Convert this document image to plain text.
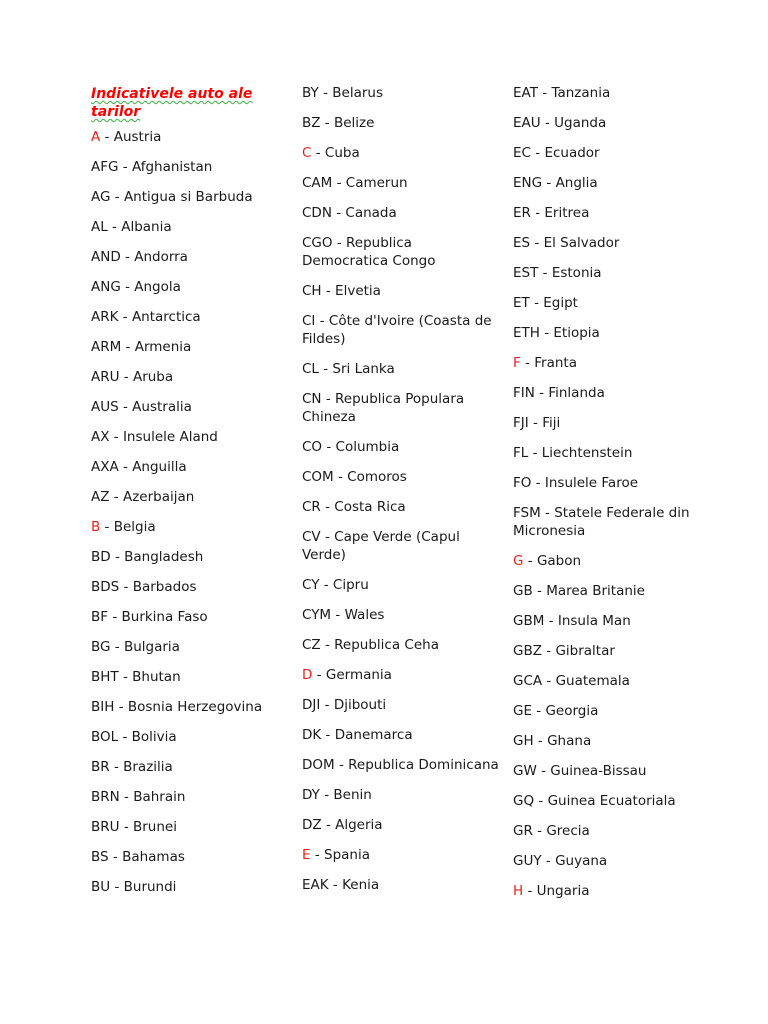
Indicativele auto ale tarilor
A - Austria
AFG - Afghanistan
AG - Antigua si Barbuda
AL - Albania
AND - Andorra
ANG - Angola
ARK - Antarctica
ARM - Armenia
ARU - Aruba
AUS - Australia
AX - Insulele Aland
AXA - Anguilla
AZ - Azerbaijan
B - Belgia
BD - Bangladesh
BDS - Barbados
BF - Burkina Faso
BG - Bulgaria
BHT - Bhutan
BIH - Bosnia Herzegovina
BOL - Bolivia
BR - Brazilia
BRN - Bahrain
BRU - Brunei
BS - Bahamas
BU - Burundi
BY - Belarus
BZ - Belize
C - Cuba
CAM - Camerun
CDN - Canada
CGO - Republica Democratica Congo
CH - Elvetia
CI - Côte d'Ivoire (Coasta de Fildes)
CL - Sri Lanka
CN - Republica Populara Chineza
CO - Columbia
COM - Comoros
CR - Costa Rica
CV - Cape Verde (Capul Verde)
CY - Cipru
CYM - Wales
CZ - Republica Ceha
D - Germania
DJI - Djibouti
DK - Danemarca
DOM - Republica Dominicana
DY - Benin
DZ - Algeria
E - Spania
EAK - Kenia
EAT - Tanzania
EAU - Uganda
EC - Ecuador
ENG - Anglia
ER - Eritrea
ES - El Salvador
EST - Estonia
ET - Egipt
ETH - Etiopia
F - Franta
FIN - Finlanda
FJI - Fiji
FL - Liechtenstein
FO - Insulele Faroe
FSM - Statele Federale din Micronesia
G - Gabon
GB - Marea Britanie
GBM - Insula Man
GBZ - Gibraltar
GCA - Guatemala
GE - Georgia
GH - Ghana
GW - Guinea-Bissau
GQ - Guinea Ecuatoriala
GR - Grecia
GUY - Guyana
H - Ungaria
